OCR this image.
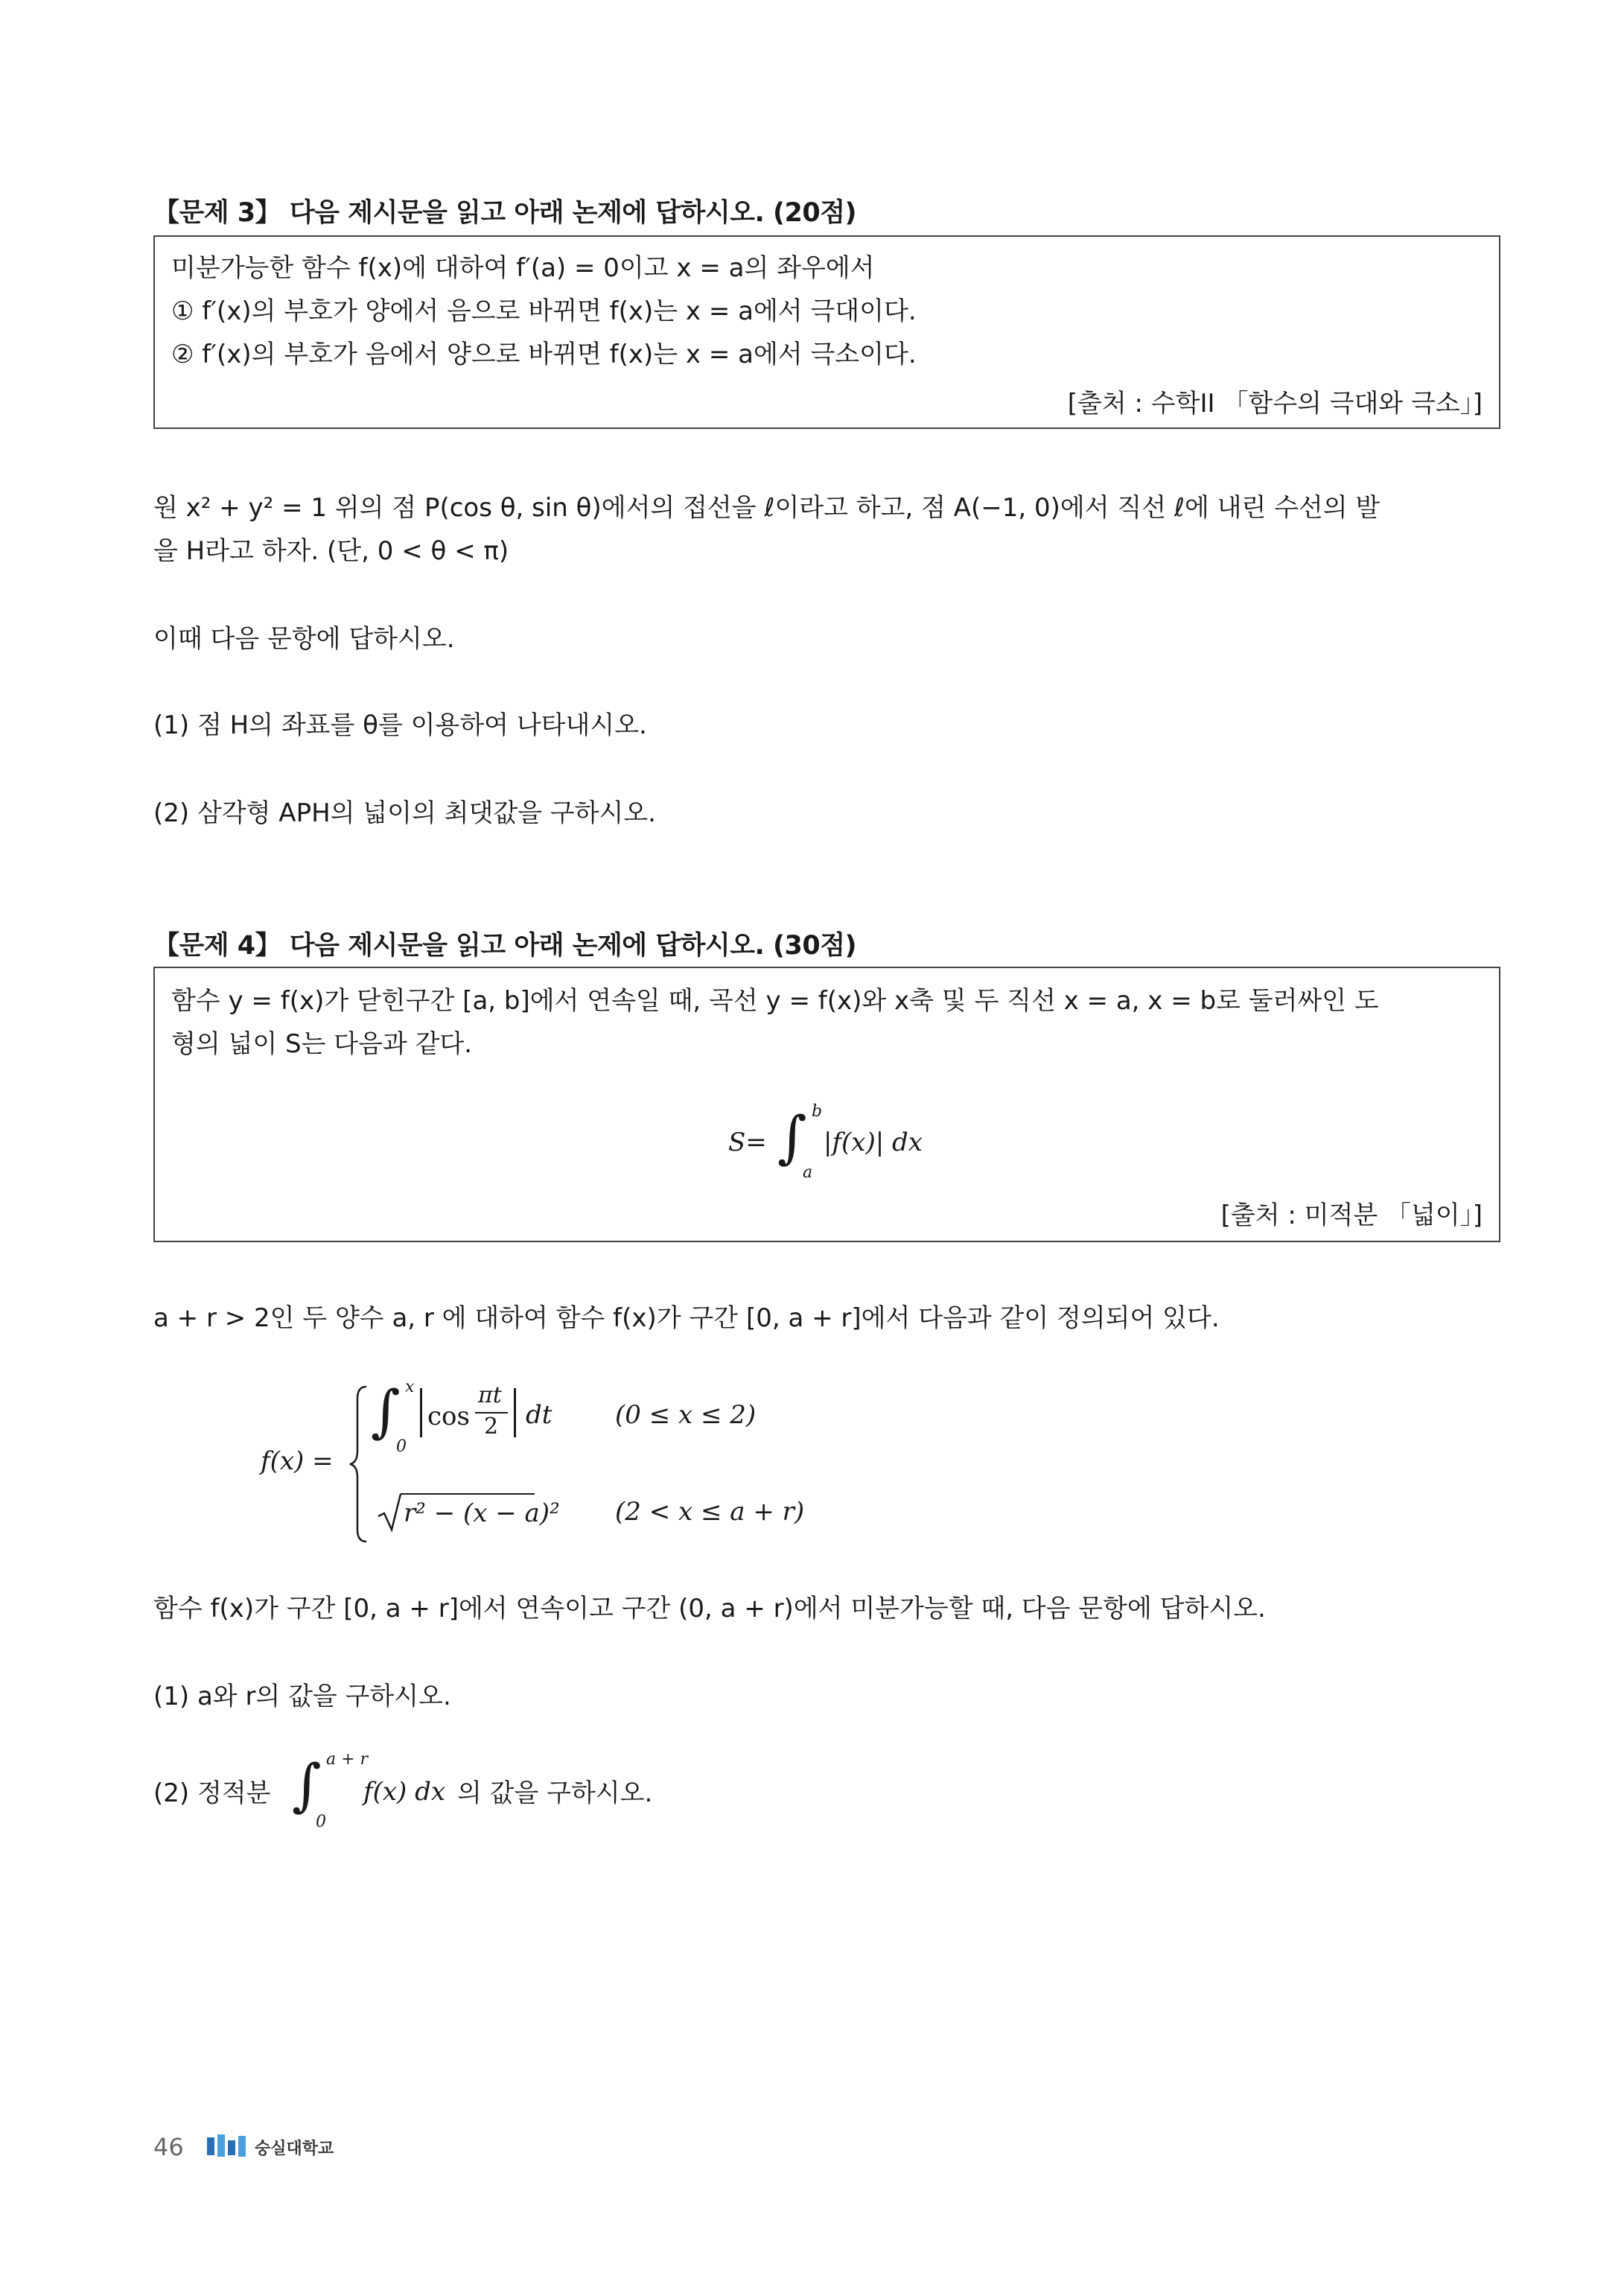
【문제 3】 다음 제시문을 읽고 아래 논제에 답하시오. (20점)
미분가능한 함수 f(x)에 대하여 f′(a) = 0이고 x = a의 좌우에서
① f′(x)의 부호가 양에서 음으로 바뀌면 f(x)는 x = a에서 극대이다.
② f′(x)의 부호가 음에서 양으로 바뀌면 f(x)는 x = a에서 극소이다.
[출처 : 수학II 「함수의 극대와 극소」]
원 x² + y² = 1 위의 점 P(cos θ, sin θ)에서의 접선을 ℓ이라고 하고, 점 A(−1, 0)에서 직선 ℓ에 내린 수선의 발
을 H라고 하자. (단, 0 < θ < π)
이때 다음 문항에 답하시오.
(1) 점 H의 좌표를 θ를 이용하여 나타내시오.
(2) 삼각형 APH의 넓이의 최댓값을 구하시오.
【문제 4】 다음 제시문을 읽고 아래 논제에 답하시오. (30점)
함수 y = f(x)가 닫힌구간 [a, b]에서 연속일 때, 곡선 y = f(x)와 x축 및 두 직선 x = a, x = b로 둘러싸인 도
형의 넓이 S는 다음과 같다.
S= ∫ b
a
|f(x)| dx
[출처 : 미적분 「넓이」]
a + r > 2인 두 양수 a, r 에 대하여 함수 f(x)가 구간 [0, a + r]에서 다음과 같이 정의되어 있다.
f(x) =
∫ x
0
cos
πt
2 dt (0 ≤ x ≤ 2)
r² − (x − a)² (2 < x ≤ a + r)
함수 f(x)가 구간 [0, a + r]에서 연속이고 구간 (0, a + r)에서 미분가능할 때, 다음 문항에 답하시오.
(1) a와 r의 값을 구하시오.
(2) 정적분 ∫ a + r
0
f(x) dx 의 값을 구하시오.
46	숭실대학교
